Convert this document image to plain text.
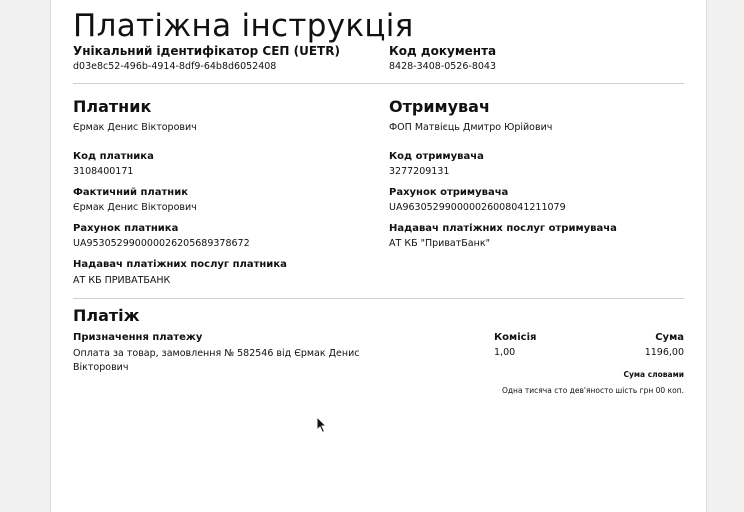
Платіжна інструкція
Унікальний ідентифікатор СЕП (UETR)
d03e8c52-496b-4914-8df9-64b8d6052408
Код документа
8428-3408-0526-8043
Платник
Єрмак Денис Вікторович
Код платника
3108400171
Фактичний платник
Єрмак Денис Вікторович
Рахунок платника
UA953052990000026205689378672
Надавач платіжних послуг платника
АТ КБ ПРИВАТБАНК
Отримувач
ФОП Матвієць Дмитро Юрійович
Код отримувача
3277209131
Рахунок отримувача
UA963052990000026008041211079
Надавач платіжних послуг отримувача
АТ КБ "ПриватБанк"
Платіж
Призначення платежу
Оплата за товар, замовлення № 582546 від Єрмак Денис Вікторович
Комісія
1,00
Сума
1196,00
Сума словами
Одна тисяча сто дев'яносто шість грн 00 коп.
